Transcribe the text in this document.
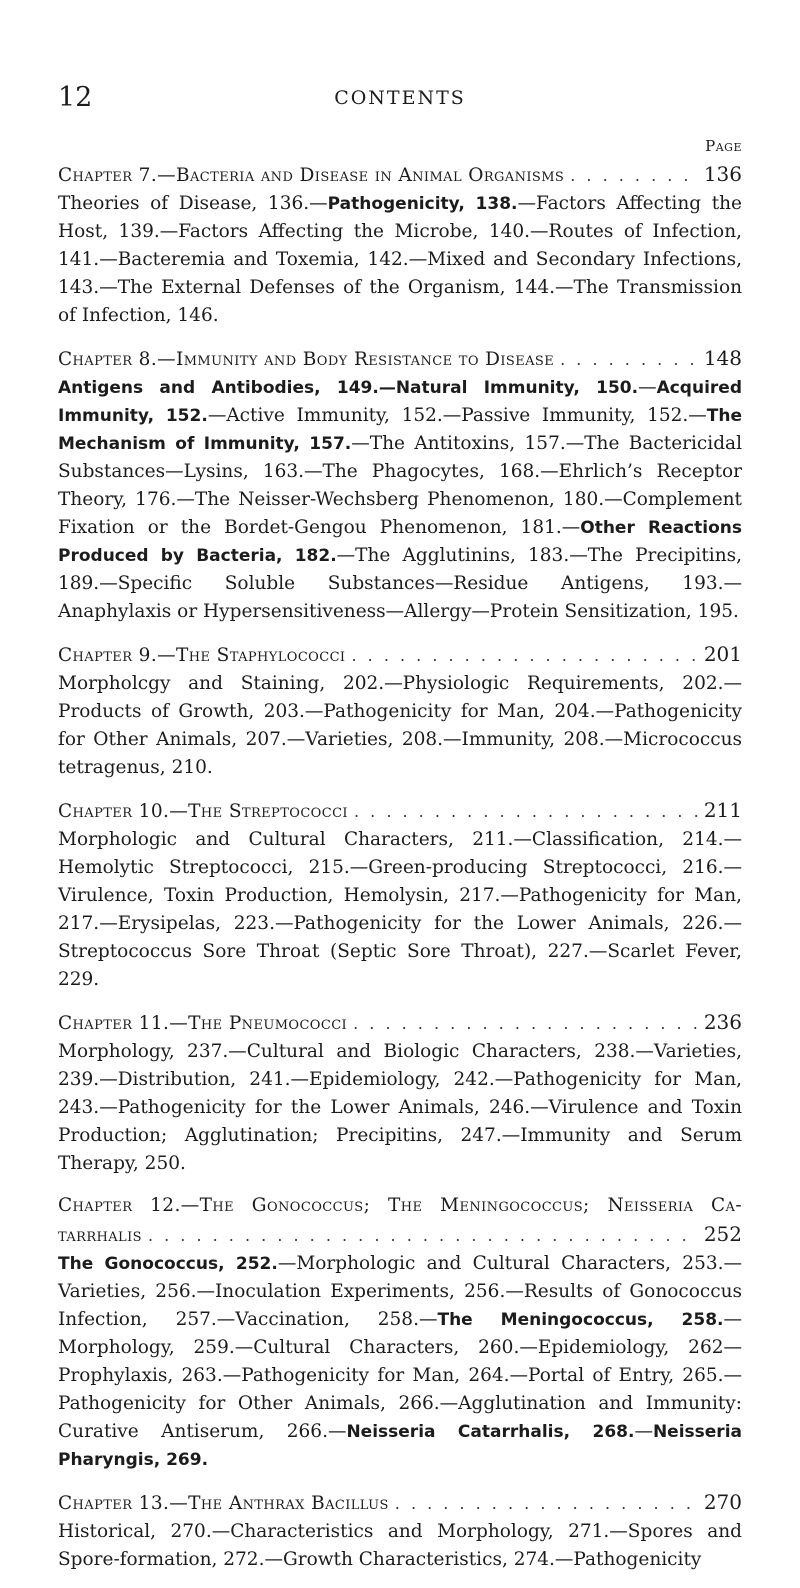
12	CONTENTS
Page
Chapter 7.—Bacteria and Disease in Animal Organisms . . .	136
Theories of Disease, 136.—Pathogenicity, 138.—Factors Affecting the Host, 139.—Factors Affecting the Microbe, 140.—Routes of Infection, 141.—Bacteremia and Toxemia, 142.—Mixed and Secondary Infections, 143.—The External Defenses of the Organism, 144.—The Transmission of Infection, 146.
Chapter 8.—Immunity and Body Resistance to Disease . . .	148
Antigens and Antibodies, 149.—Natural Immunity, 150.—Acquired Immunity, 152.—Active Immunity, 152.—Passive Immunity, 152.—The Mechanism of Immunity, 157.—The Antitoxins, 157.—The Bactericidal Substances—Lysins, 163.—The Phagocytes, 168.—Ehrlich’s Receptor Theory, 176.—The Neisser-Wechsberg Phenomenon, 180.—Complement Fixation or the Bordet-Gengou Phenomenon, 181.—Other Reactions Produced by Bacteria, 182.—The Agglutinins, 183.—The Precipitins, 189.—Specific Soluble Substances—Residue Antigens, 193.—Anaphylaxis or Hypersensitiveness—Allergy—Protein Sensitization, 195.
Chapter 9.—The Staphylococci . . .	201
Morpholcgy and Staining, 202.—Physiologic Requirements, 202.—Products of Growth, 203.—Pathogenicity for Man, 204.—Pathogenicity for Other Animals, 207.—Varieties, 208.—Immunity, 208.—Micrococcus tetragenus, 210.
Chapter 10.—The Streptococci . . .	211
Morphologic and Cultural Characters, 211.—Classification, 214.—Hemolytic Streptococci, 215.—Green-producing Streptococci, 216.—Virulence, Toxin Production, Hemolysin, 217.—Pathogenicity for Man, 217.—Erysipelas, 223.—Pathogenicity for the Lower Animals, 226.—Streptococcus Sore Throat (Septic Sore Throat), 227.—Scarlet Fever, 229.
Chapter 11.—The Pneumococci . . .	236
Morphology, 237.—Cultural and Biologic Characters, 238.—Varieties, 239.—Distribution, 241.—Epidemiology, 242.—Pathogenicity for Man, 243.—Pathogenicity for the Lower Animals, 246.—Virulence and Toxin Production; Agglutination; Precipitins, 247.—Immunity and Serum Therapy, 250.
Chapter 12.—The Gonococcus; The Meningococcus; Neisseria Ca-
tarrhalis . . .	252
The Gonococcus, 252.—Morphologic and Cultural Characters, 253.—Varieties, 256.—Inoculation Experiments, 256.—Results of Gonococcus Infection, 257.—Vaccination, 258.—The Meningococcus, 258.—Morphology, 259.—Cultural Characters, 260.—Epidemiology, 262—Prophylaxis, 263.—Pathogenicity for Man, 264.—Portal of Entry, 265.—Pathogenicity for Other Animals, 266.—Agglutination and Immunity: Curative Antiserum, 266.—Neisseria Catarrhalis, 268.—Neisseria Pharyngis, 269.
Chapter 13.—The Anthrax Bacillus . . .	270
Historical, 270.—Characteristics and Morphology, 271.—Spores and Spore-formation, 272.—Growth Characteristics, 274.—Pathogenicity
